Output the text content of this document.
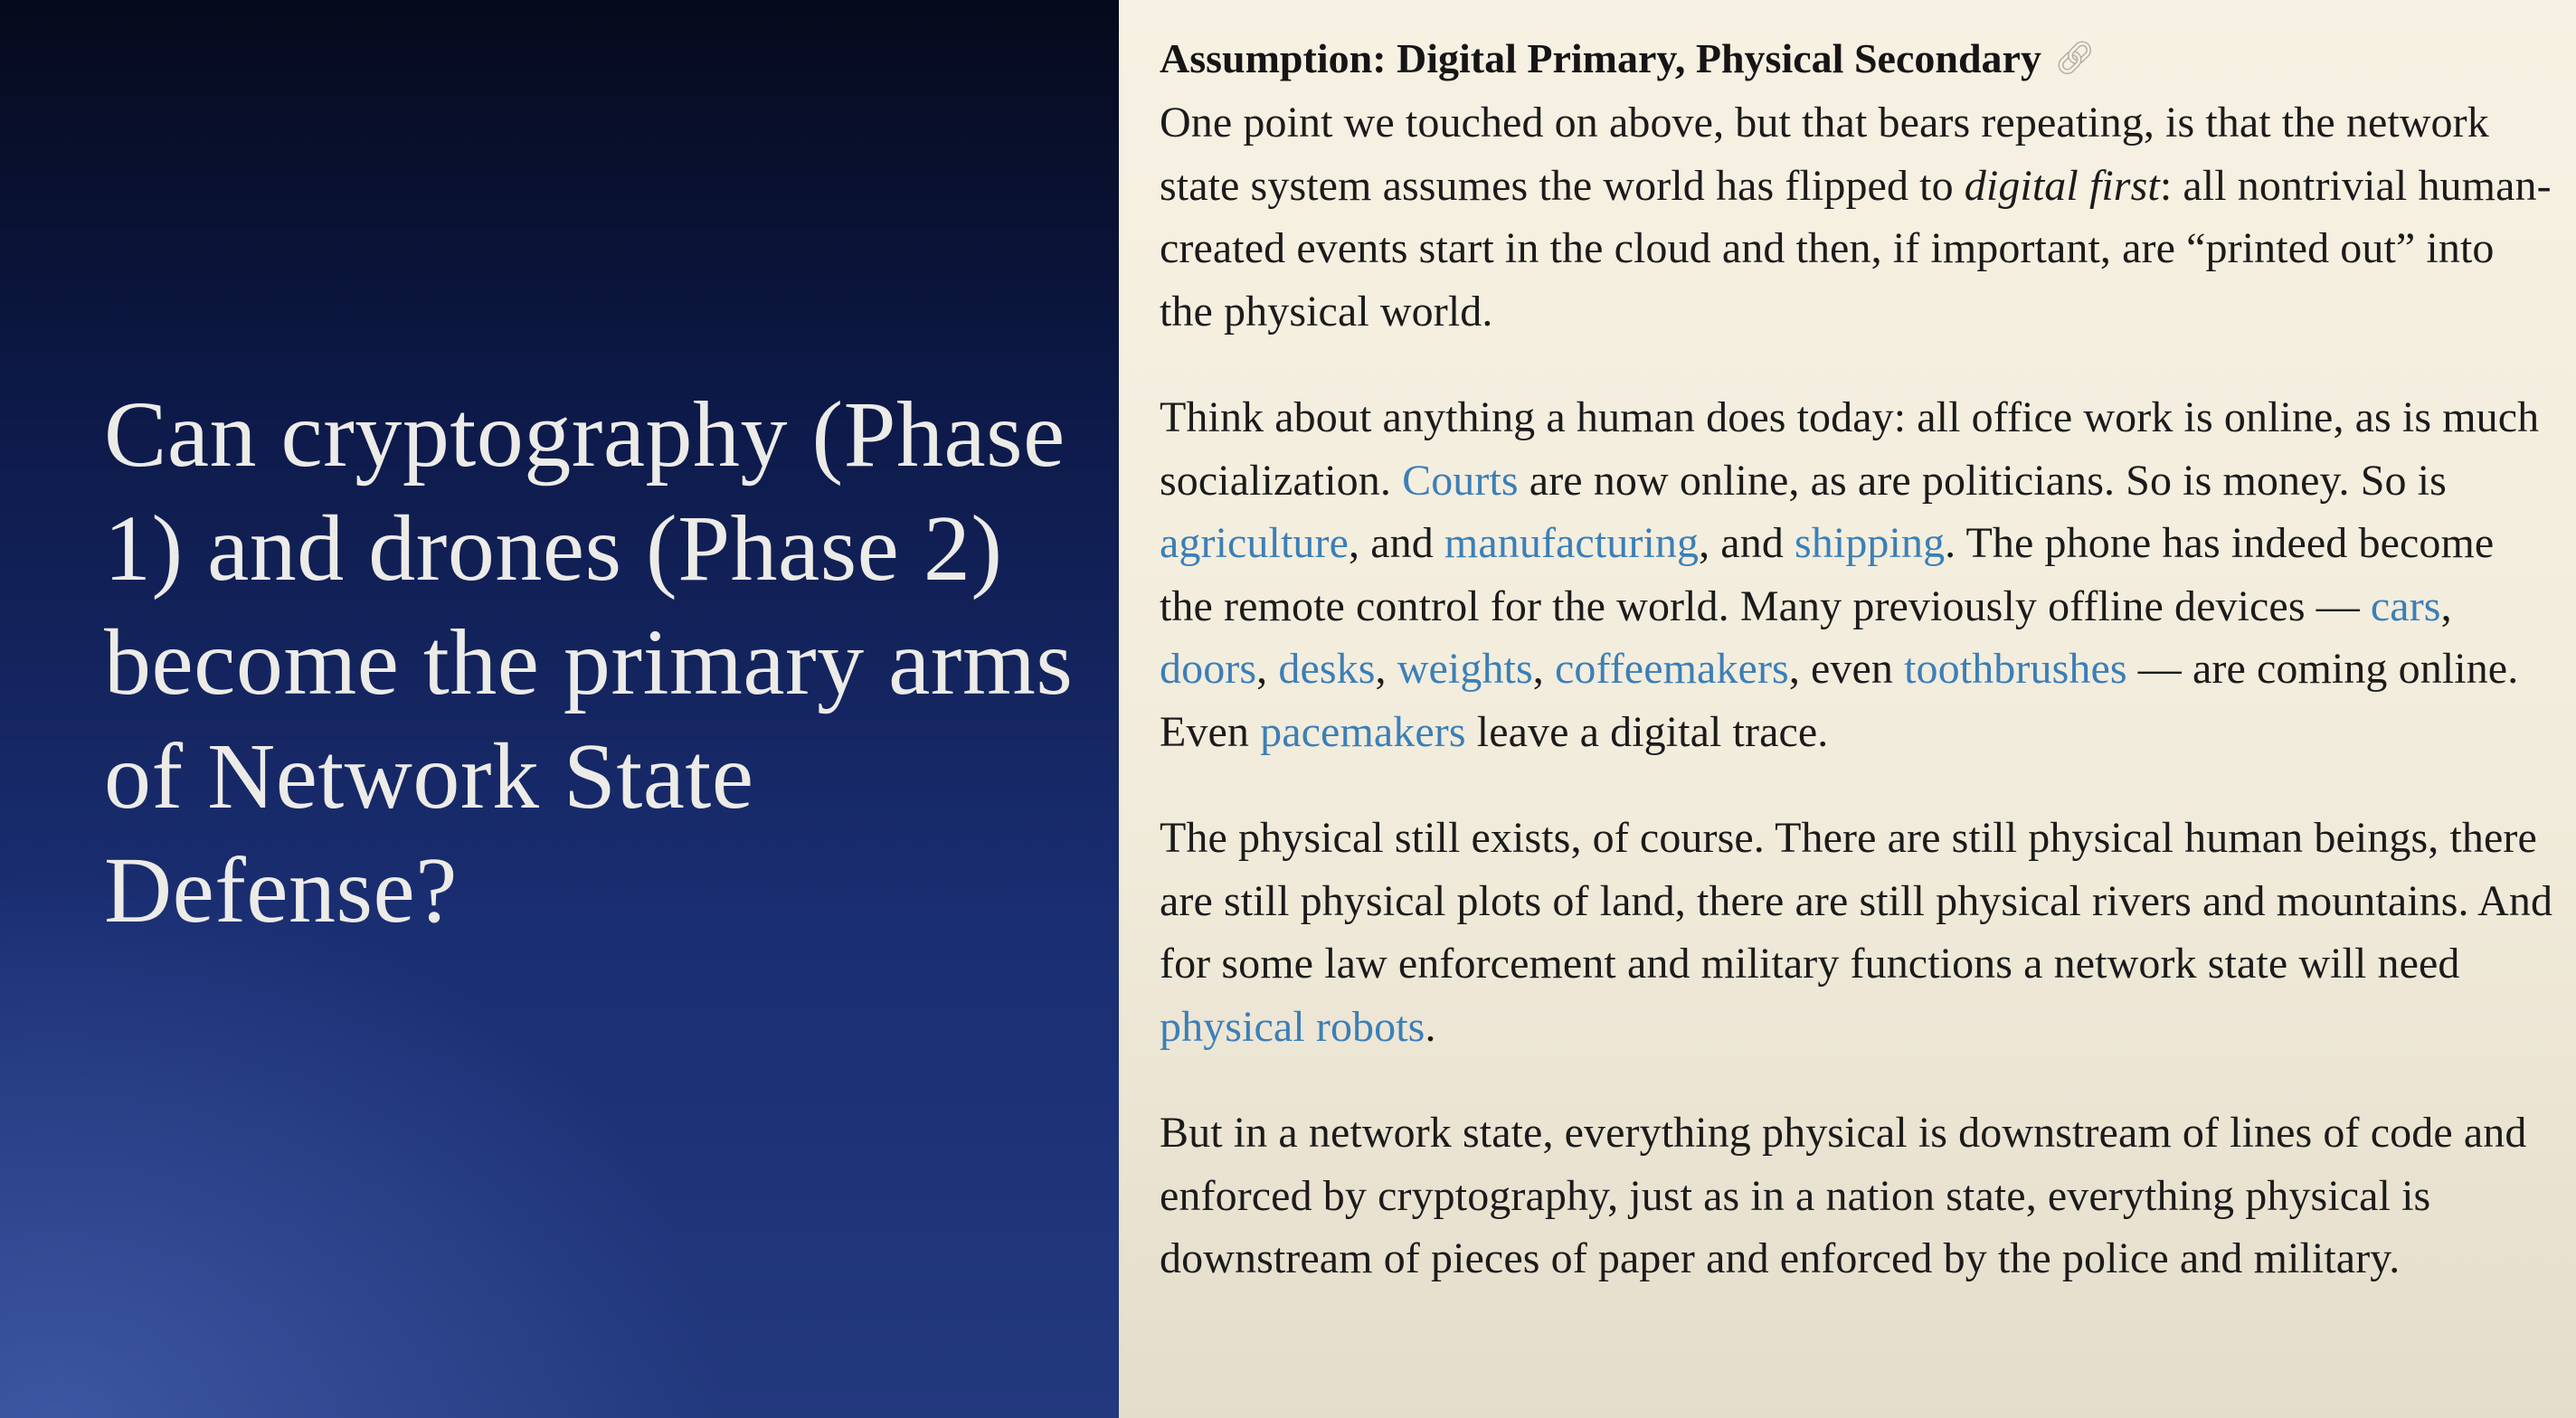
Can cryptography (Phase 1) and drones (Phase 2) become the primary arms of Network State Defense?
Assumption: Digital Primary, Physical Secondary 🔗︎

One point we touched on above, but that bears repeating, is that the network state system assumes the world has flipped to digital first: all nontrivial human-created events start in the cloud and then, if important, are “printed out” into the physical world.

Think about anything a human does today: all office work is online, as is much socialization. Courts are now online, as are politicians. So is money. So is agriculture, and manufacturing, and shipping. The phone has indeed become the remote control for the world. Many previously offline devices — cars, doors, desks, weights, coffeemakers, even toothbrushes — are coming online. Even pacemakers leave a digital trace.

The physical still exists, of course. There are still physical human beings, there are still physical plots of land, there are still physical rivers and mountains. And for some law enforcement and military functions a network state will need physical robots.

But in a network state, everything physical is downstream of lines of code and enforced by cryptography, just as in a nation state, everything physical is downstream of pieces of paper and enforced by the police and military.
